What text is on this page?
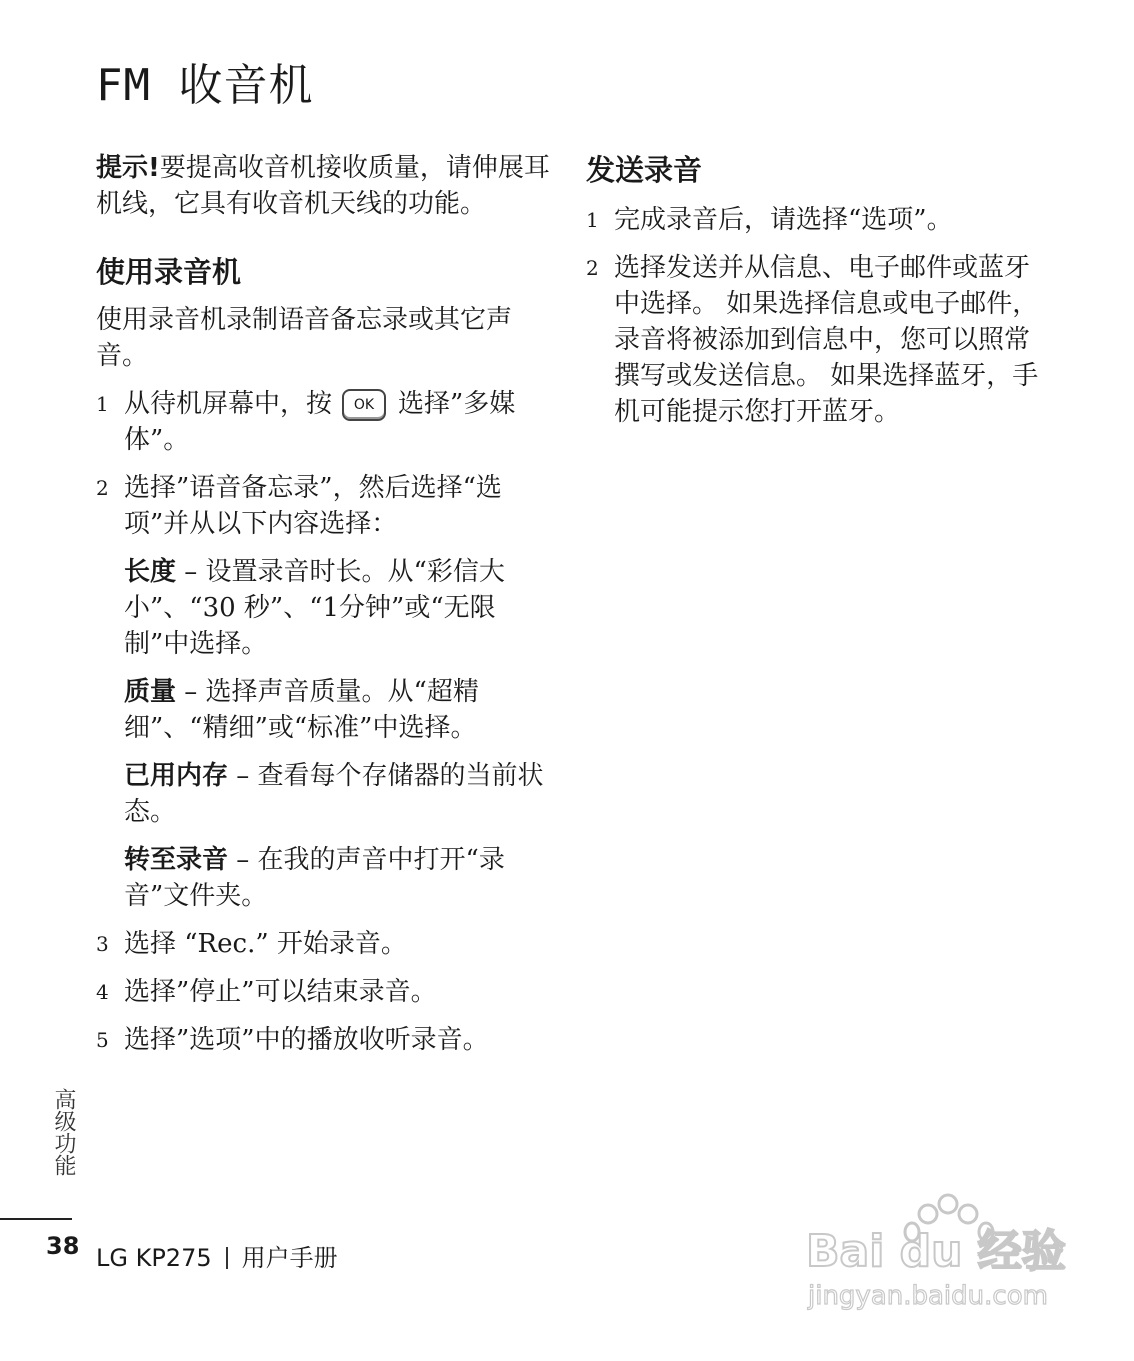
FM 收音机

提示!要提高收音机接收质量，请伸展耳机线，它具有收音机天线的功能。

使用录音机

使用录音机录制语音备忘录或其它声音。

1 从待机屏幕中，按 OK 选择”多媒体”。

2 选择”语音备忘录”，然后选择“选项”并从以下内容选择：

长度 – 设置录音时长。从“彩信大小”、“30 秒”、“1分钟”或“无限制”中选择。

质量 – 选择声音质量。从“超精细”、“精细”或“标准”中选择。

已用内存 – 查看每个存储器的当前状态。

转至录音 – 在我的声音中打开“录音”文件夹。

3 选择 “Rec.” 开始录音。

4 选择”停止”可以结束录音。

5 选择”选项”中的播放收听录音。

发送录音
1 完成录音后，请选择“选项”。

2 选择发送并从信息、电子邮件或蓝牙中选择。 如果选择信息或电子邮件，录音将被添加到信息中，您可以照常撰写或发送信息。 如果选择蓝牙，手机可能提示您打开蓝牙。

高级功能
38 LG KP275 用户手册	Bai du 经验
jingyan.baidu.com
